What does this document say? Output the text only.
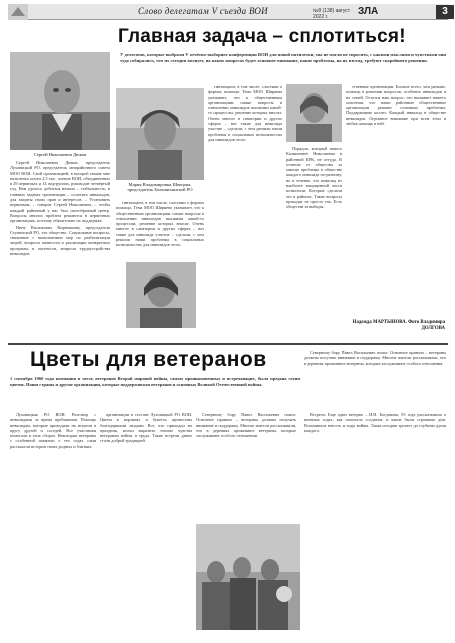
Слово делегатам V съезда ВОИ	№8 (138) август 2022 г.	ЗЛА	3
Главная задача – сплотиться!
У делегатов, которые выбрали V отчётно-выборное конференции ВОИ для новой пятилетки, мы не могли не спросить, с какими мыслями и чувствами они туда собирались, что их сегодня волнует, на каких вопросах будет основное внимание, какие проблемы, на их взгляд, требуют скорейшего решения.
Сергей Николаевич Дюков

Сергей Николаевич Дюков, председатель Луховицкой РО, председатель межрайонного совета МОО ВОИ: Свой организацией, в которой свыше мне пятилетки почти 2,5 тыс. членов ВОИ, объединенных в 29 первичках и 14 подгруппах, руководит четвёртый год. Нам удалось добиться немало – стабильность, в главных задачах организации – сплотить инвалидов, для защиты своих прав и интересов. – Установить первичкам, – говорит Сергей Николаевич, – чтобы каждый районный у нас был своеобразный центр. Вопросы многих проблем решаются в первичных организациях, поэтому обязательно их поддержка.

Нину Васильевну Кирюшкину, председателя Ступинской РО, это общество. Социальные вопросы, связанные с выполнением мер по реабилитации людей, вопросы занятости и реализации конкретных программ, в частности, вопросы трудоустройства инвалидов.

Мария Владимировна Швецова, председатель Балашихинской РО

гинзаоцаем, в том числе, сластями о формах помощи. Тема МОО Ширяева указывает, что к общественным организациям самые вопросы в отношении инвалидов высшими какой-то процессам, решение которых вносят. Очень многое в санатории и других сферах – вот такие для инвалида участие – сделали, с чем решили наши проблемы в социальных возможностях для инвалидов этого.

гинзаоцаем, в том числе, сластями о формах помощи. Тема МОО Ширяева указывает, что к общественным организациям самые вопросы в отношении инвалидов высшими какой-то процессам, решение которых вносят. Очень многое в санатории и других сферах – вот такие для инвалида участие – сделали, с чем решили наши проблемы в социальных возможностях для инвалидов этого.

Порядок, который нового Калиничнее Николаевна в районной КРК, не оттуда. В отличие от общества за многие проблемы в обществе каждого инвалида по-разному, но в течение, что инвалид из наиболее защищенной части позволили. Которые сделали это в районах. Такие вопросы приходят не просто так. Есть общества за выборы.

стаевные организации. Больше всего, чем раньше, помощь в решении вопросов, особенно инвалидов и их семей. Остался наш вопрос, что вызывает нашего опасения, что наши районные общественные организации решают основные проблемы. Поддерживаю коллег. Каждый инвалид в обществе инвалидов. Огромное внимание при всем этом и любая помощь в ней.

Надежда МАРТЫНОВА. Фото Владимира ДОЛГОВА
Цветы для ветеранов
1 сентября 1960 года компания в честь ветеранов Второй мировой войны, самых проникновенных и встречающих, была предана сотни цветов. Наши страны и другие организации, которые поддерживали ветеранов и основных Великой Отечественной войны.

Луховицкая РО ВОИ. Разговор с инвалидами за время пребывания. Помощь инвалидам, которые приходили на встречи в кругу друзей и соседей. Все участники помогали в этих сборах. Некоторые ветераны с особенной памятью о тех годах сами рассказали истории своих родных и близких.

организации в составе Луховицкой РО ВОИ. Цветы в корзинах и букетах принесены благодарными людьми. Все, кто приходил на праздник, могли выразить теплые чувства ветеранам войны и труда. Такие встречи давно стали доброй традицией.

Северному бору Павел Васильевич помог. Основное правило – ветераны должны получать внимание и поддержку. Многие жители рассказывали, что в деревнях проживают ветераны, которые заслуживают особого отношения.

Встреча: Еще один ветеран – И.Н. Богданова, 93 года рассказывала о военных годах, как помогала солдатам, и какие были страшные дни. Вспоминала юность и годы войны. Такая история трогает до глубины души каждого.

Северному бору Павел Васильевич помог. Основное правило – ветераны должны получать внимание и поддержку. Многие жители рассказывали, что в деревнях проживают ветераны, которые заслуживают особого отношения.
